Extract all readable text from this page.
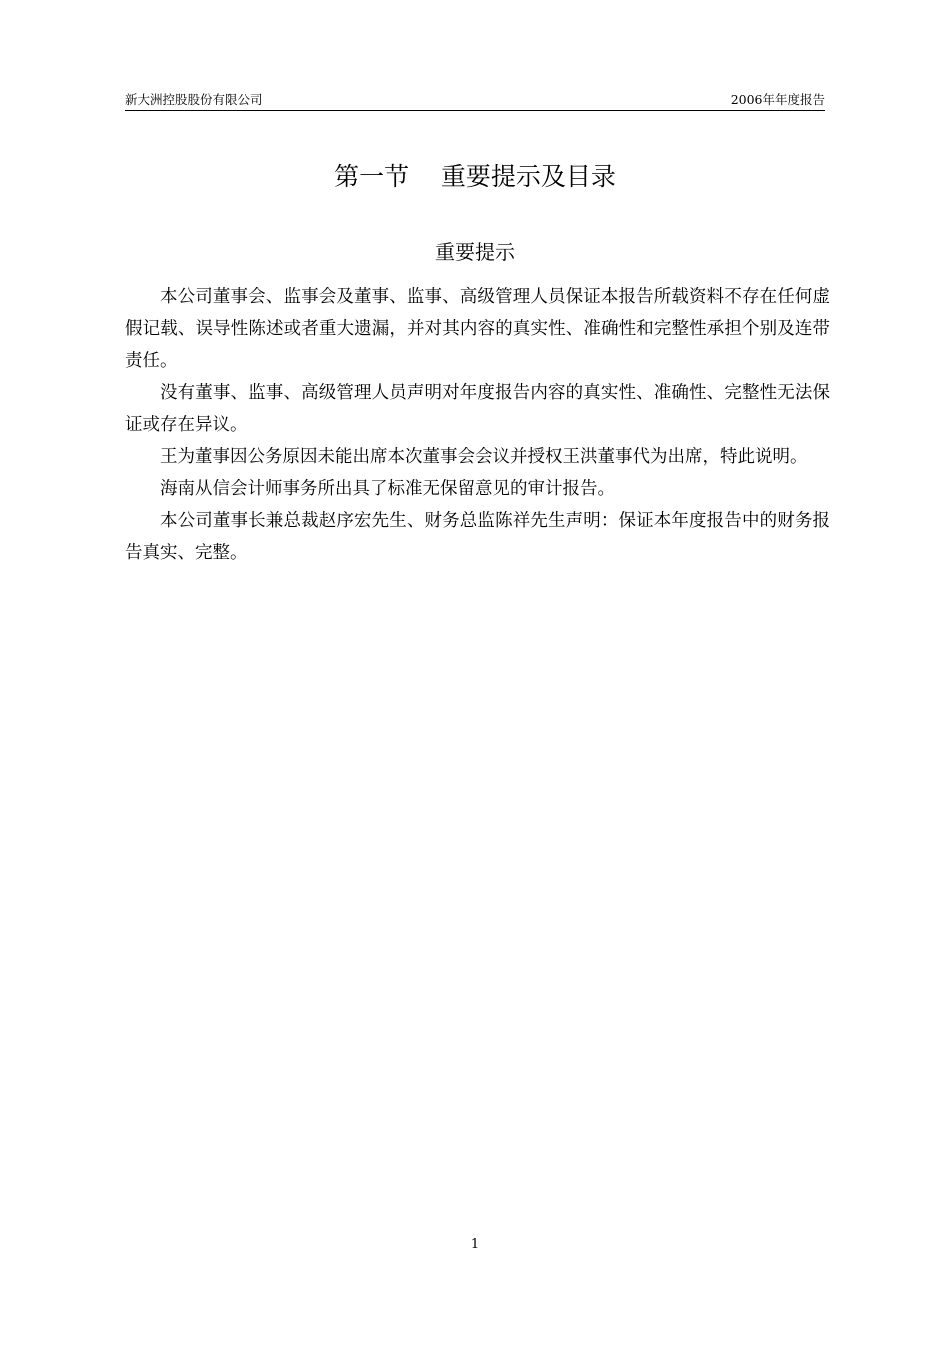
新大洲控股股份有限公司	2006年年度报告
第一节    重要提示及目录
重要提示

本公司董事会、监事会及董事、监事、高级管理人员保证本报告所载资料不存在任何虚假记载、误导性陈述或者重大遗漏，并对其内容的真实性、准确性和完整性承担个别及连带责任。

没有董事、监事、高级管理人员声明对年度报告内容的真实性、准确性、完整性无法保证或存在异议。

王为董事因公务原因未能出席本次董事会会议并授权王洪董事代为出席，特此说明。

海南从信会计师事务所出具了标准无保留意见的审计报告。

本公司董事长兼总裁赵序宏先生、财务总监陈祥先生声明：保证本年度报告中的财务报告真实、完整。

1
